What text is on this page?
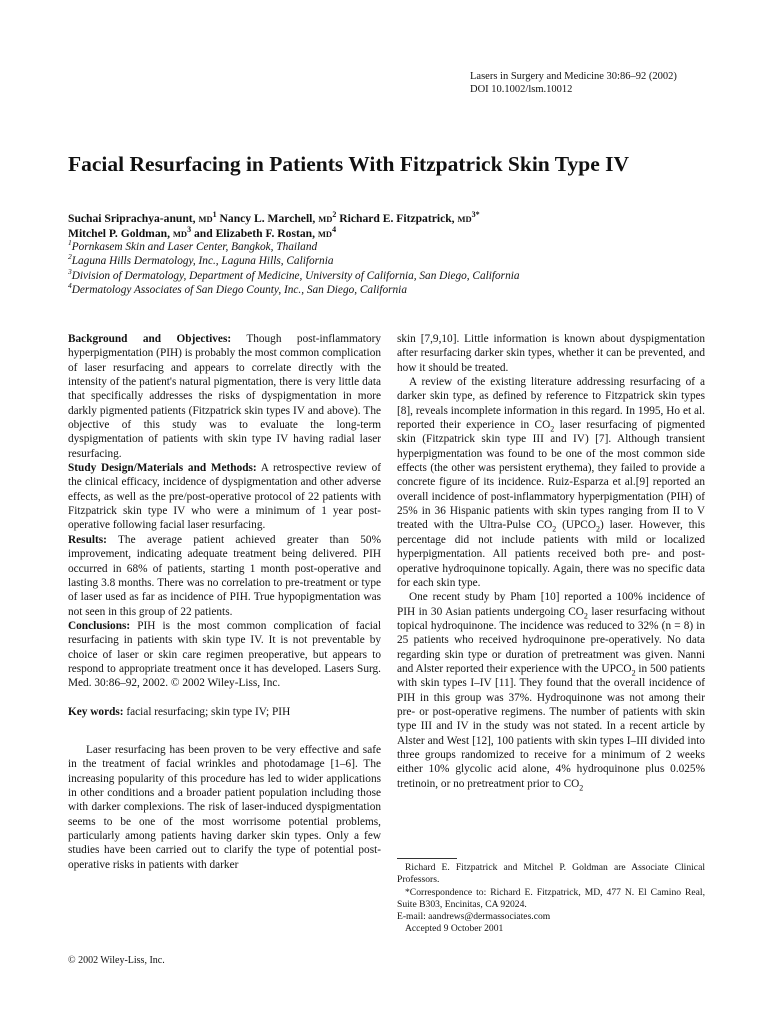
Lasers in Surgery and Medicine 30:86–92 (2002)
DOI 10.1002/lsm.10012
Facial Resurfacing in Patients With Fitzpatrick Skin Type IV
Suchai Sriprachya-anunt, $MD^1$ Nancy L. Marchell, $MD^2$ Richard E. Fitzpatrick, $MD^{3*}$
Mitchel P. Goldman, $MD^3$ and Elizabeth F. Rostan, $MD^4$
$^1$Pornkasem Skin and Laser Center, Bangkok, Thailand
$^2$Laguna Hills Dermatology, Inc., Laguna Hills, California
$^3$Division of Dermatology, Department of Medicine, University of California, San Diego, California
$^4$Dermatology Associates of San Diego County, Inc., San Diego, California

Background and Objectives: Though post-inflammatory hyperpigmentation (PIH) is probably the most common complication of laser resurfacing and appears to correlate directly with the intensity of the patient's natural pigmentation, there is very little data that specifically addresses the risks of dyspigmentation in more darkly pigmented patients (Fitzpatrick skin types IV and above). The objective of this study was to evaluate the long-term dyspigmentation of patients with skin type IV having radial laser resurfacing.

Study Design/Materials and Methods: A retrospective review of the clinical efficacy, incidence of dyspigmentation and other adverse effects, as well as the pre/post-operative protocol of 22 patients with Fitzpatrick skin type IV who were a minimum of 1 year post-operative following facial laser resurfacing.

Results: The average patient achieved greater than 50% improvement, indicating adequate treatment being delivered. PIH occurred in 68% of patients, starting 1 month post-operative and lasting 3.8 months. There was no correlation to pre-treatment or type of laser used as far as incidence of PIH. True hypopigmentation was not seen in this group of 22 patients.

Conclusions: PIH is the most common complication of facial resurfacing in patients with skin type IV. It is not preventable by choice of laser or skin care regimen preoperative, but appears to respond to appropriate treatment once it has developed. Lasers Surg. Med. 30:86–92, 2002. © 2002 Wiley-Liss, Inc.

Key words: facial resurfacing; skin type IV; PIH

Laser resurfacing has been proven to be very effective and safe in the treatment of facial wrinkles and photodamage [1–6]. The increasing popularity of this procedure has led to wider applications in other conditions and a broader patient population including those with darker complexions. The risk of laser-induced dyspigmentation seems to be one of the most worrisome potential problems, particularly among patients having darker skin types. Only a few studies have been carried out to clarify the type of potential post-operative risks in patients with darker

skin [7,9,10]. Little information is known about dyspigmentation after resurfacing darker skin types, whether it can be prevented, and how it should be treated.

A review of the existing literature addressing resurfacing of a darker skin type, as defined by reference to Fitzpatrick skin types [8], reveals incomplete information in this regard. In 1995, Ho et al. reported their experience in $CO_2$ laser resurfacing of pigmented skin (Fitzpatrick skin type III and IV) [7]. Although transient hyperpigmentation was found to be one of the most common side effects (the other was persistent erythema), they failed to provide a concrete figure of its incidence. Ruiz-Esparza et al.[9] reported an overall incidence of post-inflammatory hyperpigmentation (PIH) of 25% in 36 Hispanic patients with skin types ranging from II to V treated with the Ultra-Pulse $CO_2$ $(UPCO_2)$ laser. However, this percentage did not include patients with mild or localized hyperpigmentation. All patients received both pre- and post-operative hydroquinone topically. Again, there was no specific data for each skin type.

One recent study by Pham [10] reported a 100% incidence of PIH in 30 Asian patients undergoing $CO_2$ laser resurfacing without topical hydroquinone. The incidence was reduced to 32% (n = 8) in 25 patients who received hydroquinone pre-operatively. No data regarding skin type or duration of pretreatment was given. Nanni and Alster reported their experience with the $UPCO_2$ in 500 patients with skin types I–IV [11]. They found that the overall incidence of PIH in this group was 37%. Hydroquinone was not among their pre- or post-operative regimens. The number of patients with skin type III and IV in the study was not stated. In a recent article by Alster and West [12], 100 patients with skin types I–III divided into three groups randomized to receive for a minimum of 2 weeks either 10% glycolic acid alone, 4% hydroquinone plus 0.025% tretinoin, or no pretreatment prior to $CO_2$

Richard E. Fitzpatrick and Mitchel P. Goldman are Associate Clinical Professors.

*Correspondence to: Richard E. Fitzpatrick, MD, 477 N. El Camino Real, Suite B303, Encinitas, CA 92024.

E-mail: aandrews@dermassociates.com

Accepted 9 October 2001

© 2002 Wiley-Liss, Inc.
